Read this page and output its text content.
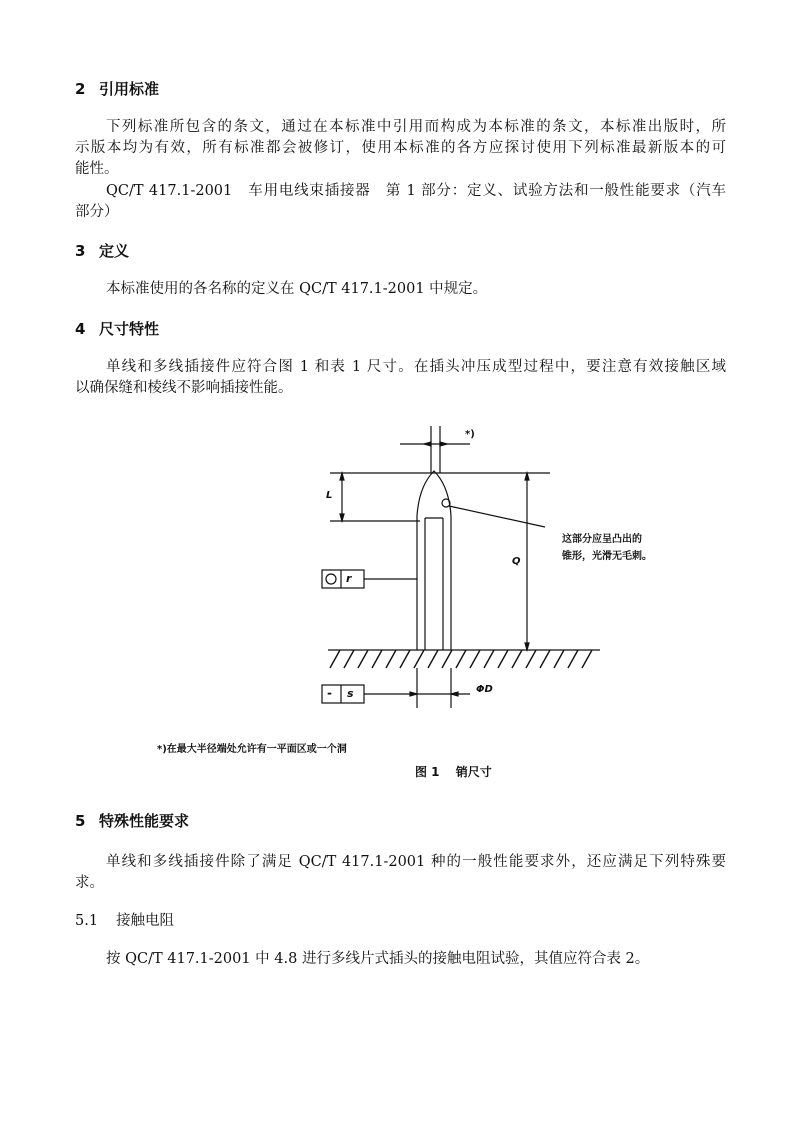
2 引用标准
下列标准所包含的条文，通过在本标准中引用而构成为本标准的条文，本标准出版时，所
示版本均为有效，所有标准都会被修订，使用本标准的各方应探讨使用下列标准最新版本的可
能性。
QC/T 417.1-2001　车用电线束插接器　第 1 部分：定义、试验方法和一般性能要求（汽车
部分）
3 定义
本标准使用的各名称的定义在 QC/T 417.1-2001 中规定。
4 尺寸特性
单线和多线插接件应符合图 1 和表 1 尺寸。在插头冲压成型过程中，要注意有效接触区域
以确保缝和棱线不影响插接性能。
*)
L
Q
ΦD
r
- s
这部分应呈凸出的
锥形，光滑无毛刺。
*)在最大半径端处允许有一平面区或一个洞
图 1 销尺寸
5 特殊性能要求
单线和多线插接件除了满足 QC/T 417.1-2001 种的一般性能要求外，还应满足下列特殊要
求。
5.1 接触电阻
按 QC/T 417.1-2001 中 4.8 进行多线片式插头的接触电阻试验，其值应符合表 2。
